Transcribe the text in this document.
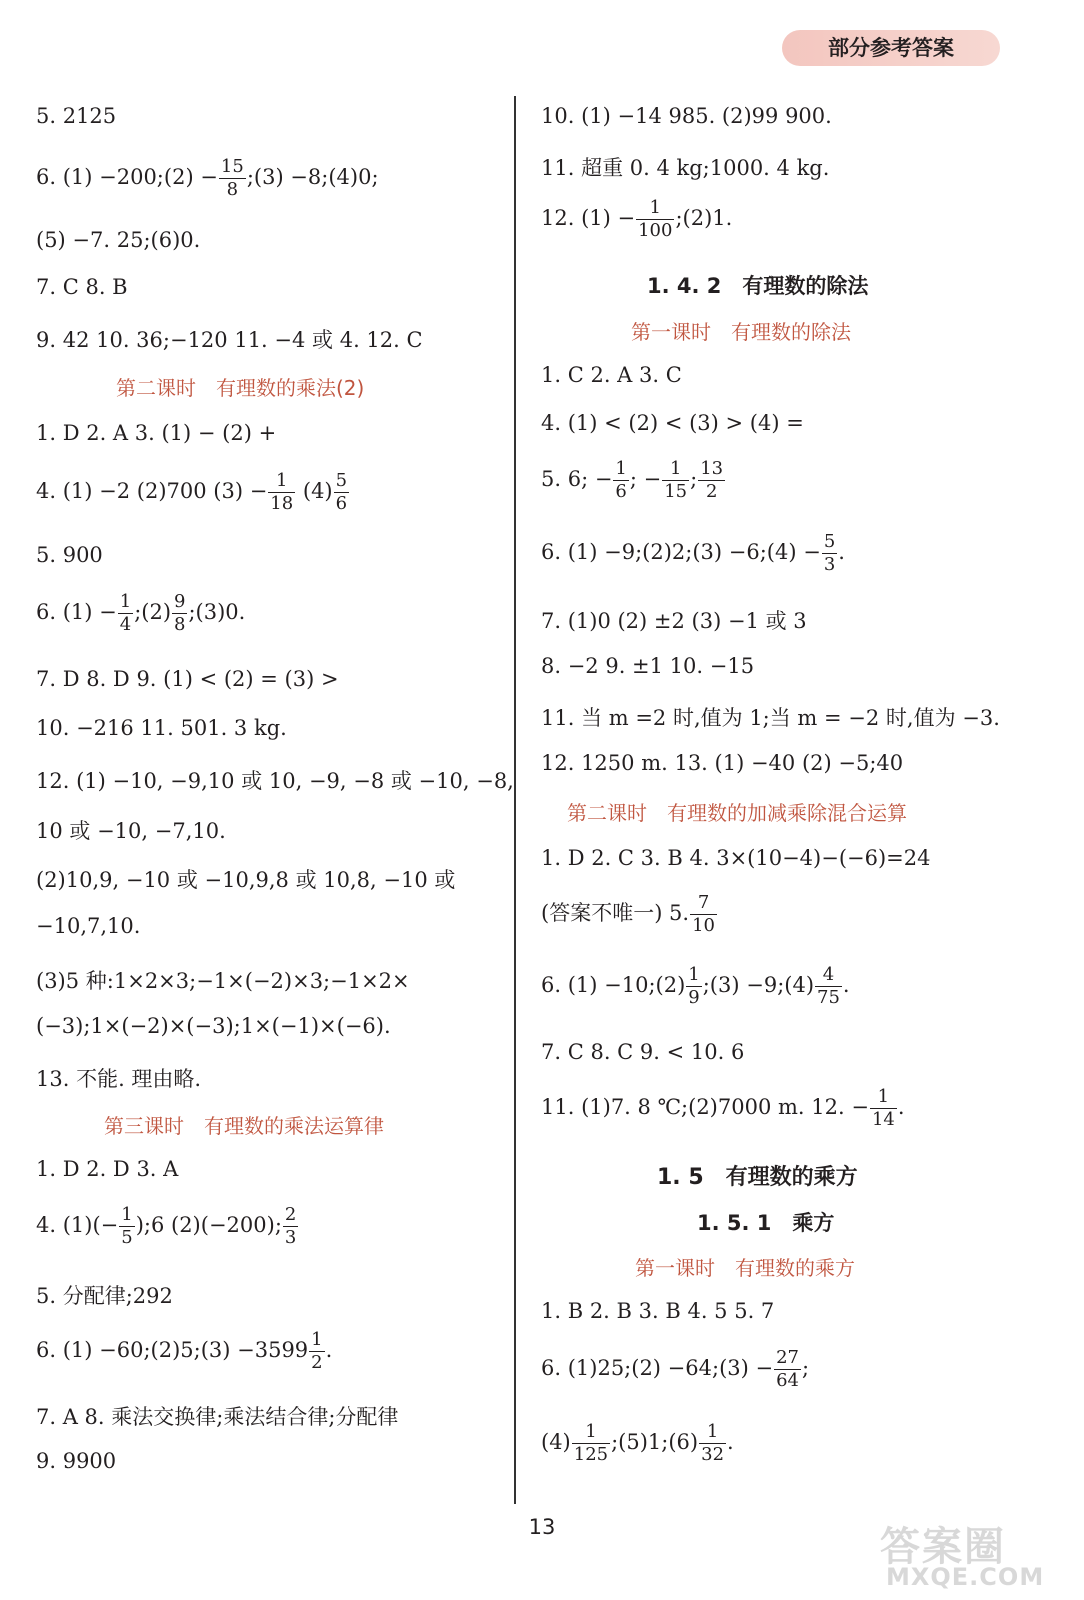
部分参考答案
5. 2125
6. (1) −200;(2) − $\frac{15}{8}$ ;(3) −8;(4)0;
(5) −7. 25;(6)0.
7. C 8. B
9. 42 10. 36;−120 11. −4 或 4. 12. C
第二课时　有理数的乘法(2)
1. D 2. A 3. (1) − (2) +
4. (1) −2 (2)700 $(3) - \frac{1}{18} (4) \frac{5}{6}$
5. 900
6. $(1) - \frac{1}{4}$ ;(2) $\frac{9}{8}$ ;(3)0.
7. D 8. D 9. (1) < (2) = (3) >
10. −216 11. 501. 3 kg.
12. (1) −10, −9,10 或 10, −9, −8 或 −10, −8,
10 或 −10, −7,10.
(2)10,9, −10 或 −10,9,8 或 10,8, −10 或
−10,7,10.
(3)5 种:1×2×3;−1×(−2)×3;−1×2×
(−3);1×(−2)×(−3);1×(−1)×(−6).
13. 不能. 理由略.
第三课时　有理数的乘法运算律
1. D 2. D 3. A
4. $(1)(- \frac{1}{5}$ );6 (2)(−200); $\frac{2}{3}$
5. 分配律;292
6. (1) −60;(2)5;(3) $-3599 \frac{1}{2}$ .
7. A 8. 乘法交换律;乘法结合律;分配律
9. 9900
10. (1) −14 985. (2)99 900.
11. 超重 0. 4 kg;1000. 4 kg.
12. $(1) - \frac{1}{100}$ ;(2)1.
1. 4. 2　有理数的除法
第一课时　有理数的除法
1. C 2. A 3. C
4. (1) < (2) < (3) > (4) =
5. 6; − $\frac{1}{6}$ ; − $\frac{1}{15}$ ; $\frac{13}{2}$
6. (1) −9;(2)2;(3) −6;(4) − $\frac{5}{3}$ .
7. (1)0 (2) ±2 (3) −1 或 3
8. −2 9. ±1 10. −15
11. 当 m =2 时,值为 1;当 m = −2 时,值为 −3.
12. 1250 m. 13. (1) −40 (2) −5;40
第二课时　有理数的加减乘除混合运算
1. D 2. C 3. B 4. 3×(10−4)−(−6)=24
(答案不唯一) 5. $\frac{7}{10}$
6. (1) −10;(2) $\frac{1}{9}$ ;(3) −9;(4) $\frac{4}{75}$ .
7. C 8. C 9. < 10. 6
11. (1)7. 8 ℃;(2)7000 m. 12. − $\frac{1}{14}$ .
1. 5　有理数的乘方
1. 5. 1　乘方
第一课时　有理数的乘方
1. B 2. B 3. B 4. 5 5. 7
6. (1)25;(2) −64;(3) − $\frac{27}{64}$ ;
$(4) \frac{1}{125}$ ;(5)1;(6) $\frac{1}{32}$ .
13	答案圈
MXQE.COM
